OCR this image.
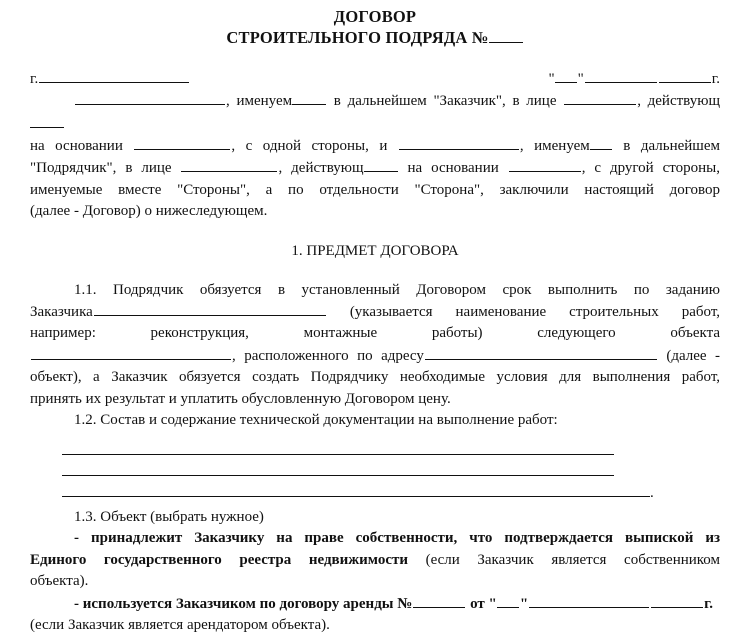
ДОГОВОР
СТРОИТЕЛЬНОГО ПОДРЯДА №
г.	" "	г.
, именуем в дальнейшем "Заказчик", в лице	, действующ
на основании	, с одной стороны, и	, именуем в дальнейшем
"Подрядчик", в лице	, действующ на основании	, с другой стороны,
именуемые вместе "Стороны", а по отдельности "Сторона", заключили настоящий договор
(далее - Договор) о нижеследующем.
1. ПРЕДМЕТ ДОГОВОРА
1.1. Подрядчик обязуется в установленный Договором срок выполнить по заданию
Заказчика	(указывается наименование строительных работ,
например:	реконструкция,	монтажные	работы)	следующего	объекта
, расположенного по адресу	(далее -
объект), а Заказчик обязуется создать Подрядчику необходимые условия для выполнения работ,
принять их результат и уплатить обусловленную Договором цену.
1.2. Состав и содержание технической документации на выполнение работ:
.
1.3. Объект (выбрать нужное)
- принадлежит Заказчику на праве собственности, что подтверждается выпиской из
Единого государственного реестра недвижимости (если Заказчик является собственником
объекта).
- используется Заказчиком по договору аренды №	от " "	г.
(если Заказчик является арендатором объекта).
